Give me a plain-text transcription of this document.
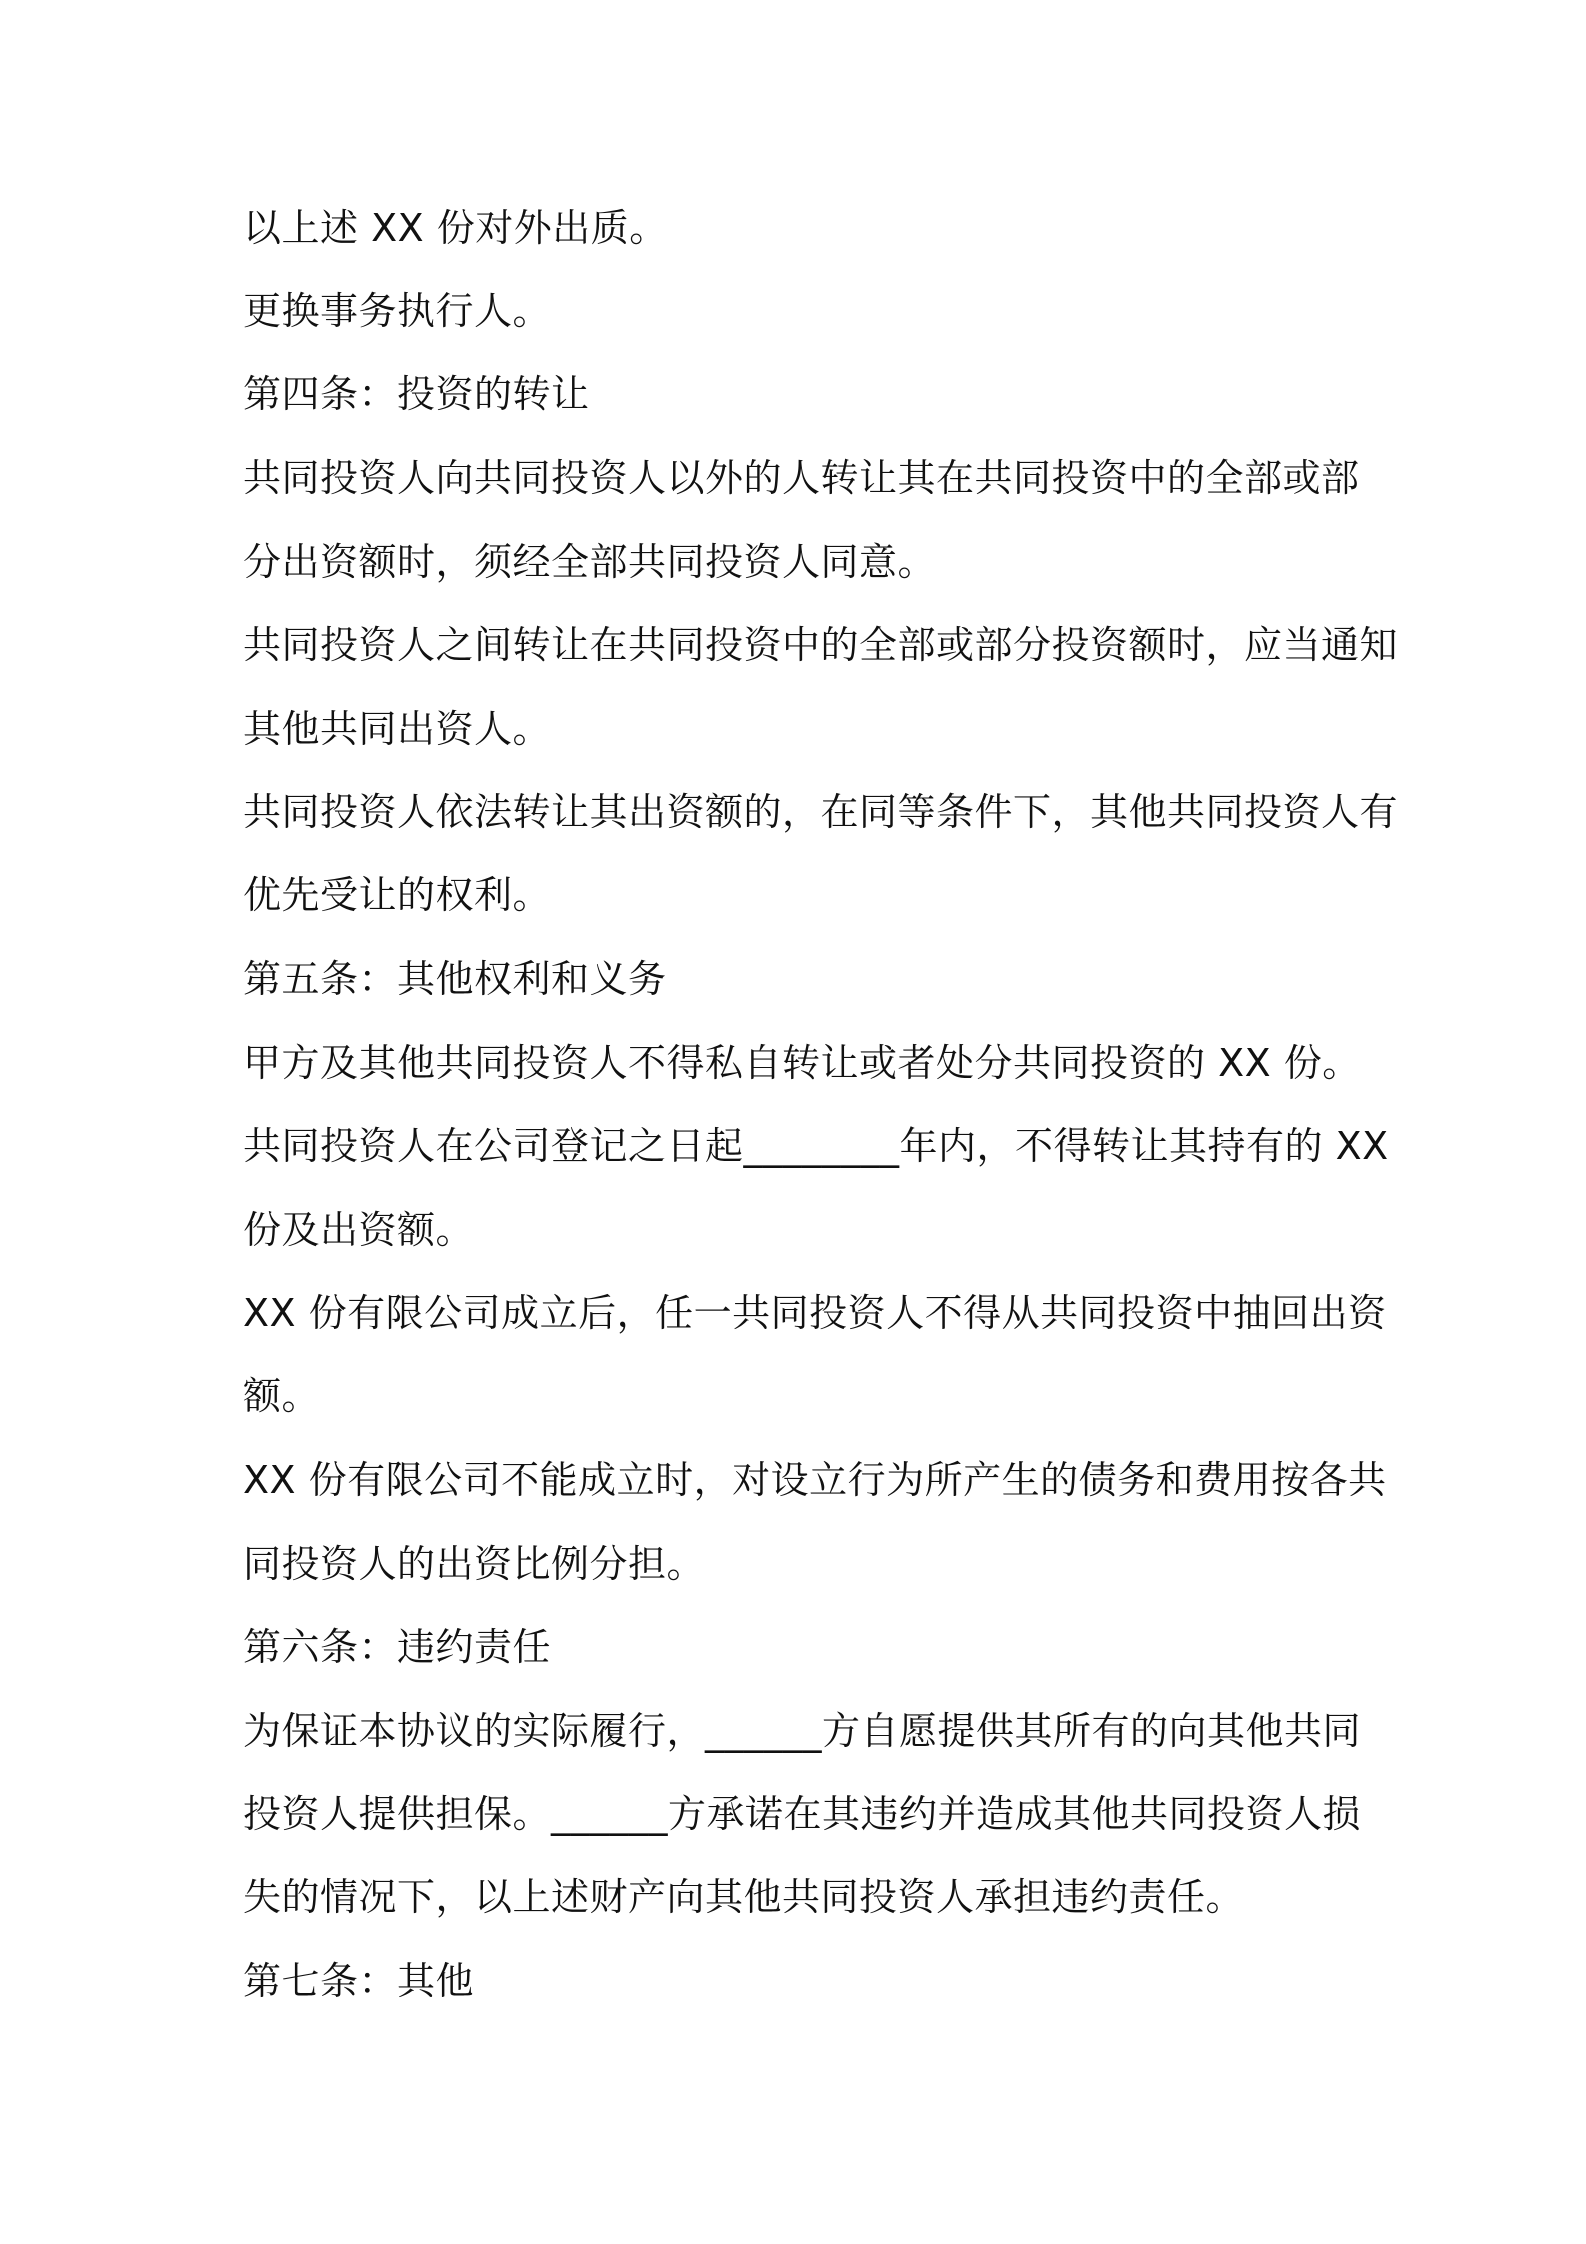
以上述 XX 份对外出质。
更换事务执行人。
第四条：投资的转让
共同投资人向共同投资人以外的人转让其在共同投资中的全部或部
分出资额时，须经全部共同投资人同意。
共同投资人之间转让在共同投资中的全部或部分投资额时，应当通知
其他共同出资人。
共同投资人依法转让其出资额的，在同等条件下，其他共同投资人有
优先受让的权利。
第五条：其他权利和义务
甲方及其他共同投资人不得私自转让或者处分共同投资的 XX 份。
共同投资人在公司登记之日起________年内，不得转让其持有的 XX
份及出资额。
XX 份有限公司成立后，任一共同投资人不得从共同投资中抽回出资
额。
XX 份有限公司不能成立时，对设立行为所产生的债务和费用按各共
同投资人的出资比例分担。
第六条：违约责任
为保证本协议的实际履行，______方自愿提供其所有的向其他共同
投资人提供担保。______方承诺在其违约并造成其他共同投资人损
失的情况下，以上述财产向其他共同投资人承担违约责任。
第七条：其他
